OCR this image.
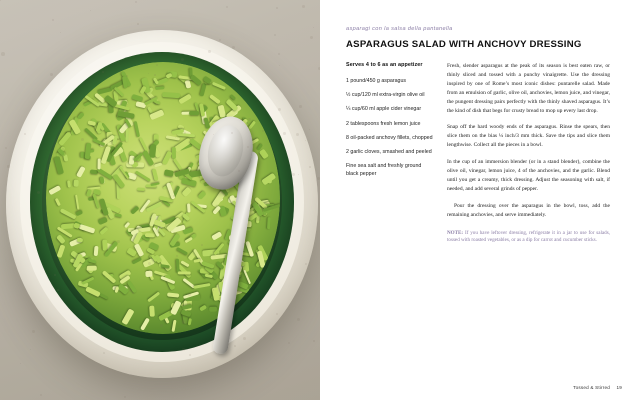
asparagi con la salsa della pantanella
ASPARAGUS SALAD WITH ANCHOVY DRESSING
Serves 4 to 6 as an appetizer
1 pound/450 g asparagus
½ cup/120 ml extra-virgin olive oil
¼ cup/60 ml apple cider vinegar
2 tablespoons fresh lemon juice
8 oil-packed anchovy fillets, chopped
2 garlic cloves, smashed and peeled
Fine sea salt and freshly ground black pepper

Fresh, slender asparagus at the peak of its season is best eaten raw, or thinly sliced and tossed with a punchy vinaigrette. Use the dressing inspired by one of Rome’s most iconic dishes: puntarelle salad. Made from an emulsion of garlic, olive oil, anchovies, lemon juice, and vinegar, the pungent dressing pairs perfectly with the thinly shaved asparagus. It’s the kind of dish that begs for crusty bread to mop up every last drop.

Snap off the hard woody ends of the asparagus. Rinse the spears, then slice them on the bias ¼ inch/3 mm thick. Save the tips and slice them lengthwise. Collect all the pieces in a bowl.

In the cup of an immersion blender (or in a stand blender), combine the olive oil, vinegar, lemon juice, 4 of the anchovies, and the garlic. Blend until you get a creamy, thick dressing. Adjust the seasoning with salt, if needed, and add several grinds of pepper.

Pour the dressing over the asparagus in the bowl, toss, add the remaining anchovies, and serve immediately.

NOTE: If you have leftover dressing, refrigerate it in a jar to use for salads, tossed with roasted vegetables, or as a dip for carrot and cucumber sticks.

Tossed & Stirred 19
